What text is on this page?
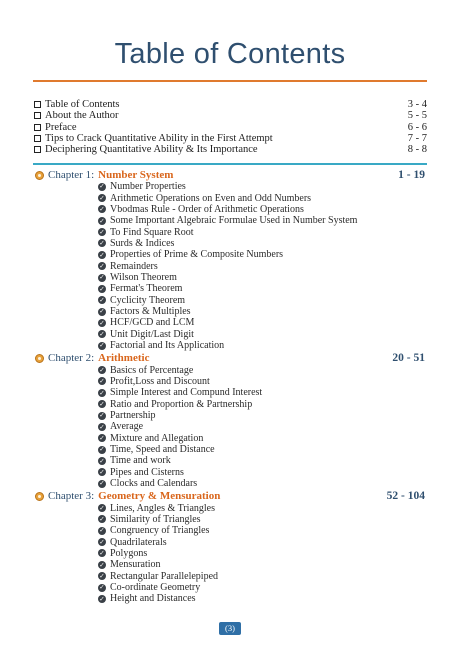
Table of Contents
Table of Contents	3 - 4
About the Author	5 - 5
Preface	6 - 6
Tips to Crack Quantitative Ability in the First Attempt	7 - 7
Deciphering Quantitative Ability & Its Importance	8 - 8
Chapter 1: Number System	1 - 19
✓ Number Properties
✓ Arithmetic Operations on Even and Odd Numbers
✓ Vbodmas Rule - Order of Arithmetic Operations
✓ Some Important Algebraic Formulae Used in Number System
✓ To Find Square Root
✓ Surds & Indices
✓ Properties of Prime & Composite Numbers
✓ Remainders
✓ Wilson Theorem
✓ Fermat's Theorem
✓ Cyclicity Theorem
✓ Factors & Multiples
✓ HCF/GCD and LCM
✓ Unit Digit/Last Digit
✓ Factorial and Its Application
Chapter 2: Arithmetic	20 - 51
✓ Basics of Percentage
✓ Profit,Loss and Discount
✓ Simple Interest and Compund Interest
✓ Ratio and Proportion & Partnership
✓ Partnership
✓ Average
✓ Mixture and Allegation
✓ Time, Speed and Distance
✓ Time and work
✓ Pipes and Cisterns
✓ Clocks and Calendars
Chapter 3: Geometry & Mensuration	52 - 104
✓ Lines, Angles & Triangles
✓ Similarity of Triangles
✓ Congruency of Triangles
✓ Quadrilaterals
✓ Polygons
✓ Mensuration
✓ Rectangular Parallelepiped
✓ Co-ordinate Geometry
✓ Height and Distances
(3)
